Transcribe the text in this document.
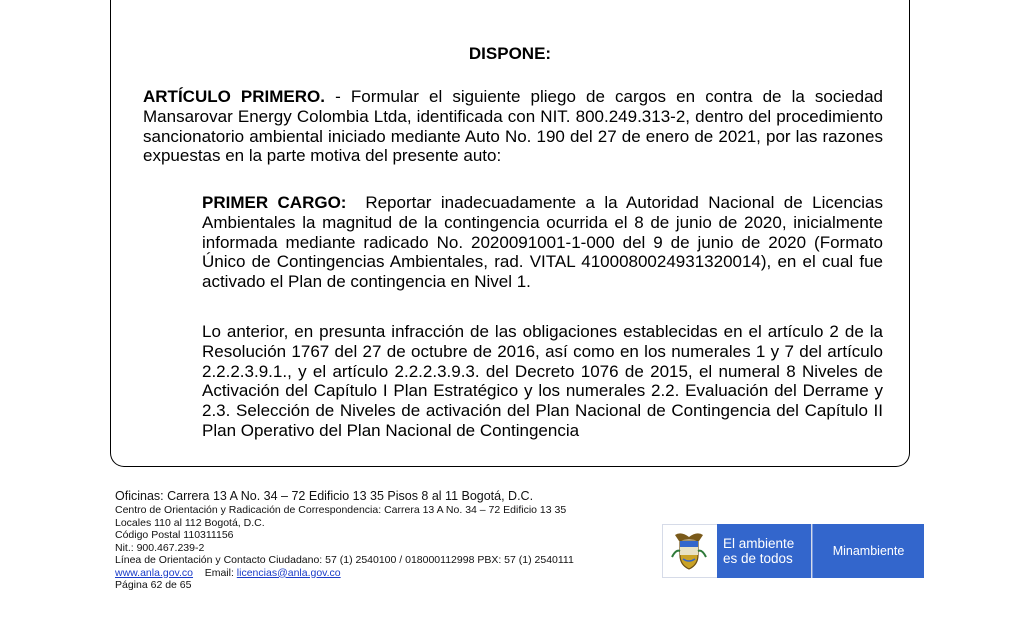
DISPONE:

ARTÍCULO PRIMERO. - Formular el siguiente pliego de cargos en contra de la sociedad Mansarovar Energy Colombia Ltda, identificada con NIT. 800.249.313-2, dentro del procedimiento sancionatorio ambiental iniciado mediante Auto No. 190 del 27 de enero de 2021, por las razones expuestas en la parte motiva del presente auto:

PRIMER CARGO:  Reportar inadecuadamente a la Autoridad Nacional de Licencias Ambientales la magnitud de la contingencia ocurrida el 8 de junio de 2020, inicialmente informada mediante radicado No. 2020091001-1-000 del 9 de junio de 2020 (Formato Único de Contingencias Ambientales, rad. VITAL 4100080024931320014), en el cual fue activado el Plan de contingencia en Nivel 1.

Lo anterior, en presunta infracción de las obligaciones establecidas en el artículo 2 de la Resolución 1767 del 27 de octubre de 2016, así como en los numerales 1 y 7 del artículo 2.2.2.3.9.1., y el artículo 2.2.2.3.9.3. del Decreto 1076 de 2015, el numeral 8 Niveles de Activación del Capítulo I Plan Estratégico y los numerales 2.2. Evaluación del Derrame y 2.3. Selección de Niveles de activación del Plan Nacional de Contingencia del Capítulo II Plan Operativo del Plan Nacional de Contingencia

Oficinas: Carrera 13 A No. 34 – 72 Edificio 13 35 Pisos 8 al 11 Bogotá, D.C.
Centro de Orientación y Radicación de Correspondencia: Carrera 13 A No. 34 – 72 Edificio 13 35
Locales 110 al 112 Bogotá, D.C.
Código Postal 110311156
Nit.: 900.467.239-2
Línea de Orientación y Contacto Ciudadano: 57 (1) 2540100 / 018000112998 PBX: 57 (1) 2540111
www.anla.gov.co Email: licencias@anla.gov.co
Página 62 de 65
El ambiente
es de todos	Minambiente
